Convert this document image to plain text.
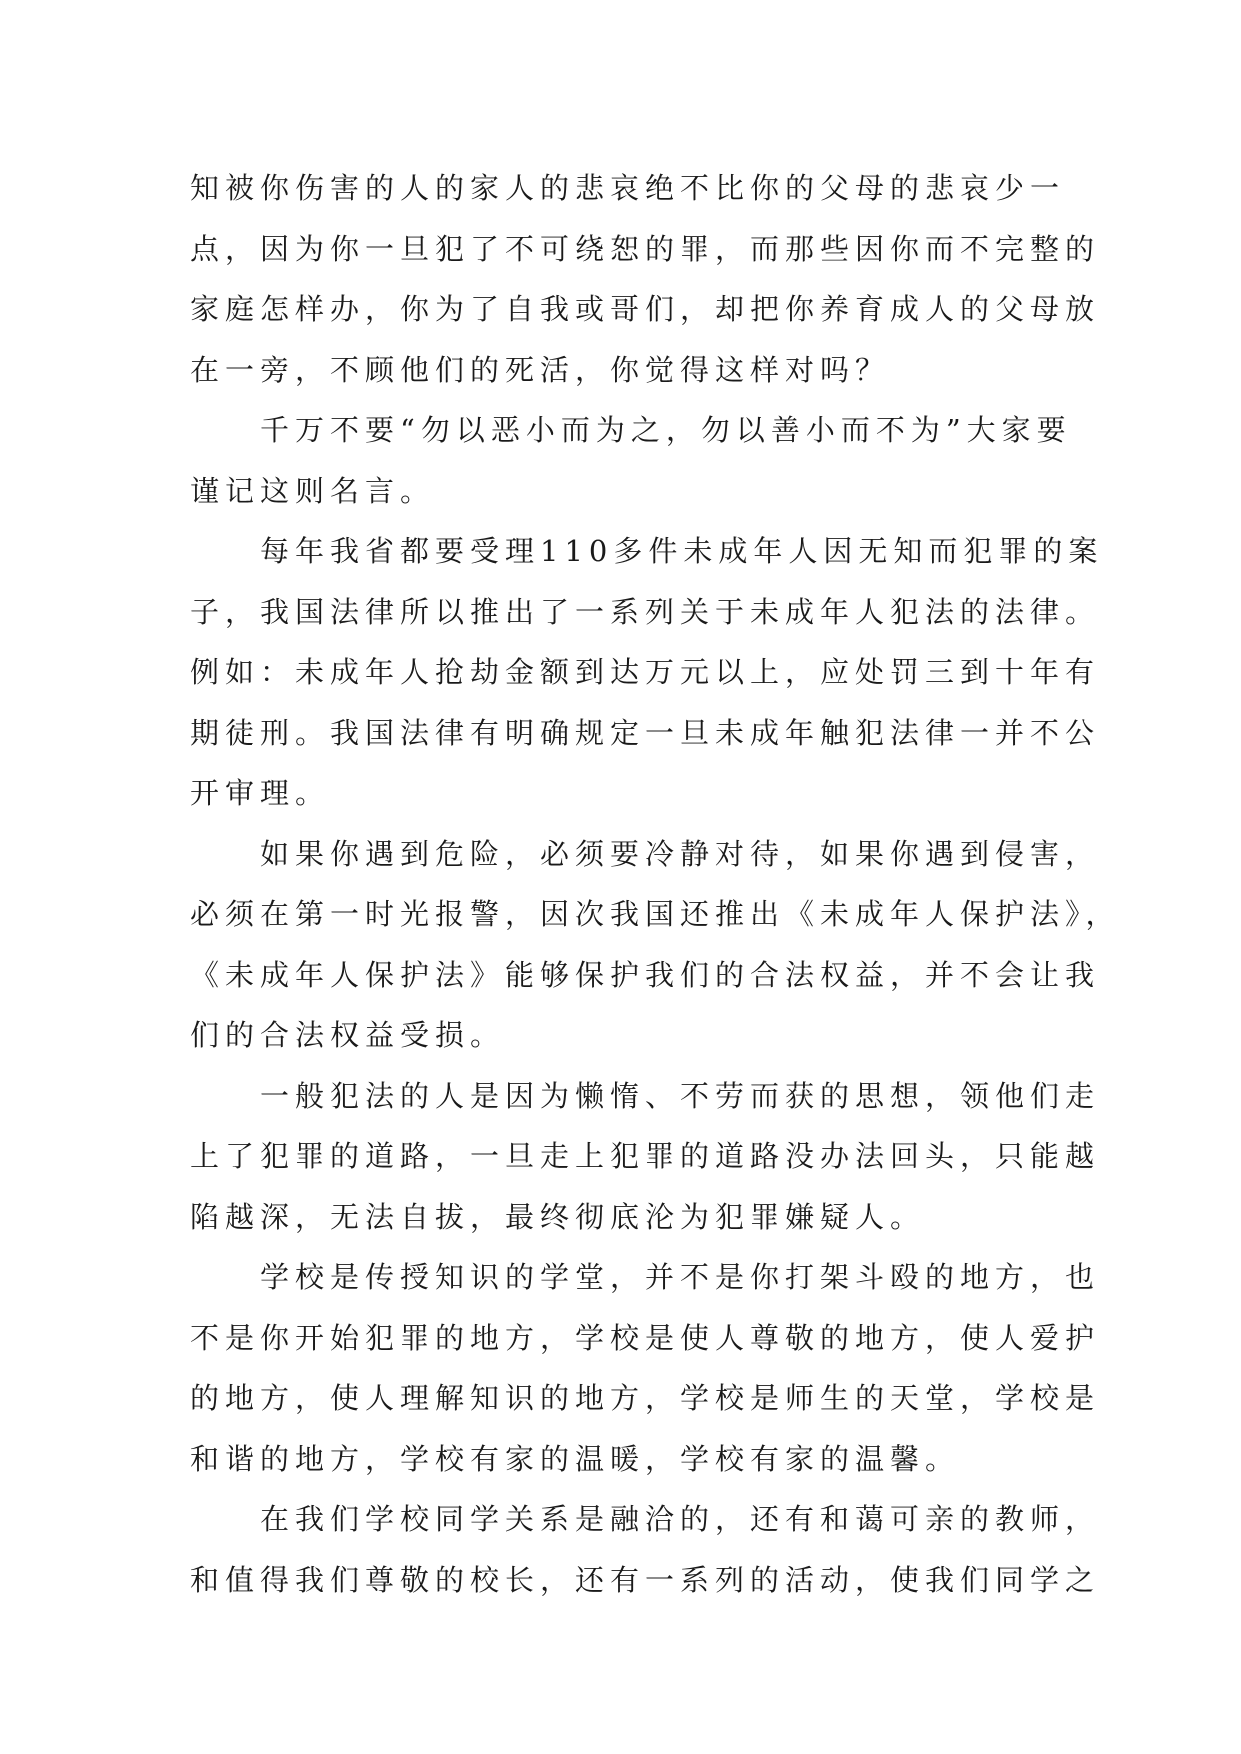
知被你伤害的人的家人的悲哀绝不比你的父母的悲哀少一
点，因为你一旦犯了不可绕恕的罪，而那些因你而不完整的
家庭怎样办，你为了自我或哥们，却把你养育成人的父母放
在一旁，不顾他们的死活，你觉得这样对吗？
千万不要“勿以恶小而为之，勿以善小而不为”大家要
谨记这则名言。
每年我省都要受理110多件未成年人因无知而犯罪的案
子，我国法律所以推出了一系列关于未成年人犯法的法律。
例如：未成年人抢劫金额到达万元以上，应处罚三到十年有
期徒刑。我国法律有明确规定一旦未成年触犯法律一并不公
开审理。
如果你遇到危险，必须要冷静对待，如果你遇到侵害，
必须在第一时光报警，因次我国还推出《未成年人保护法》，
《未成年人保护法》能够保护我们的合法权益，并不会让我
们的合法权益受损。
一般犯法的人是因为懒惰、不劳而获的思想，领他们走
上了犯罪的道路，一旦走上犯罪的道路没办法回头，只能越
陷越深，无法自拔，最终彻底沦为犯罪嫌疑人。
学校是传授知识的学堂，并不是你打架斗殴的地方，也
不是你开始犯罪的地方，学校是使人尊敬的地方，使人爱护
的地方，使人理解知识的地方，学校是师生的天堂，学校是
和谐的地方，学校有家的温暖，学校有家的温馨。
在我们学校同学关系是融洽的，还有和蔼可亲的教师，
和值得我们尊敬的校长，还有一系列的活动，使我们同学之
